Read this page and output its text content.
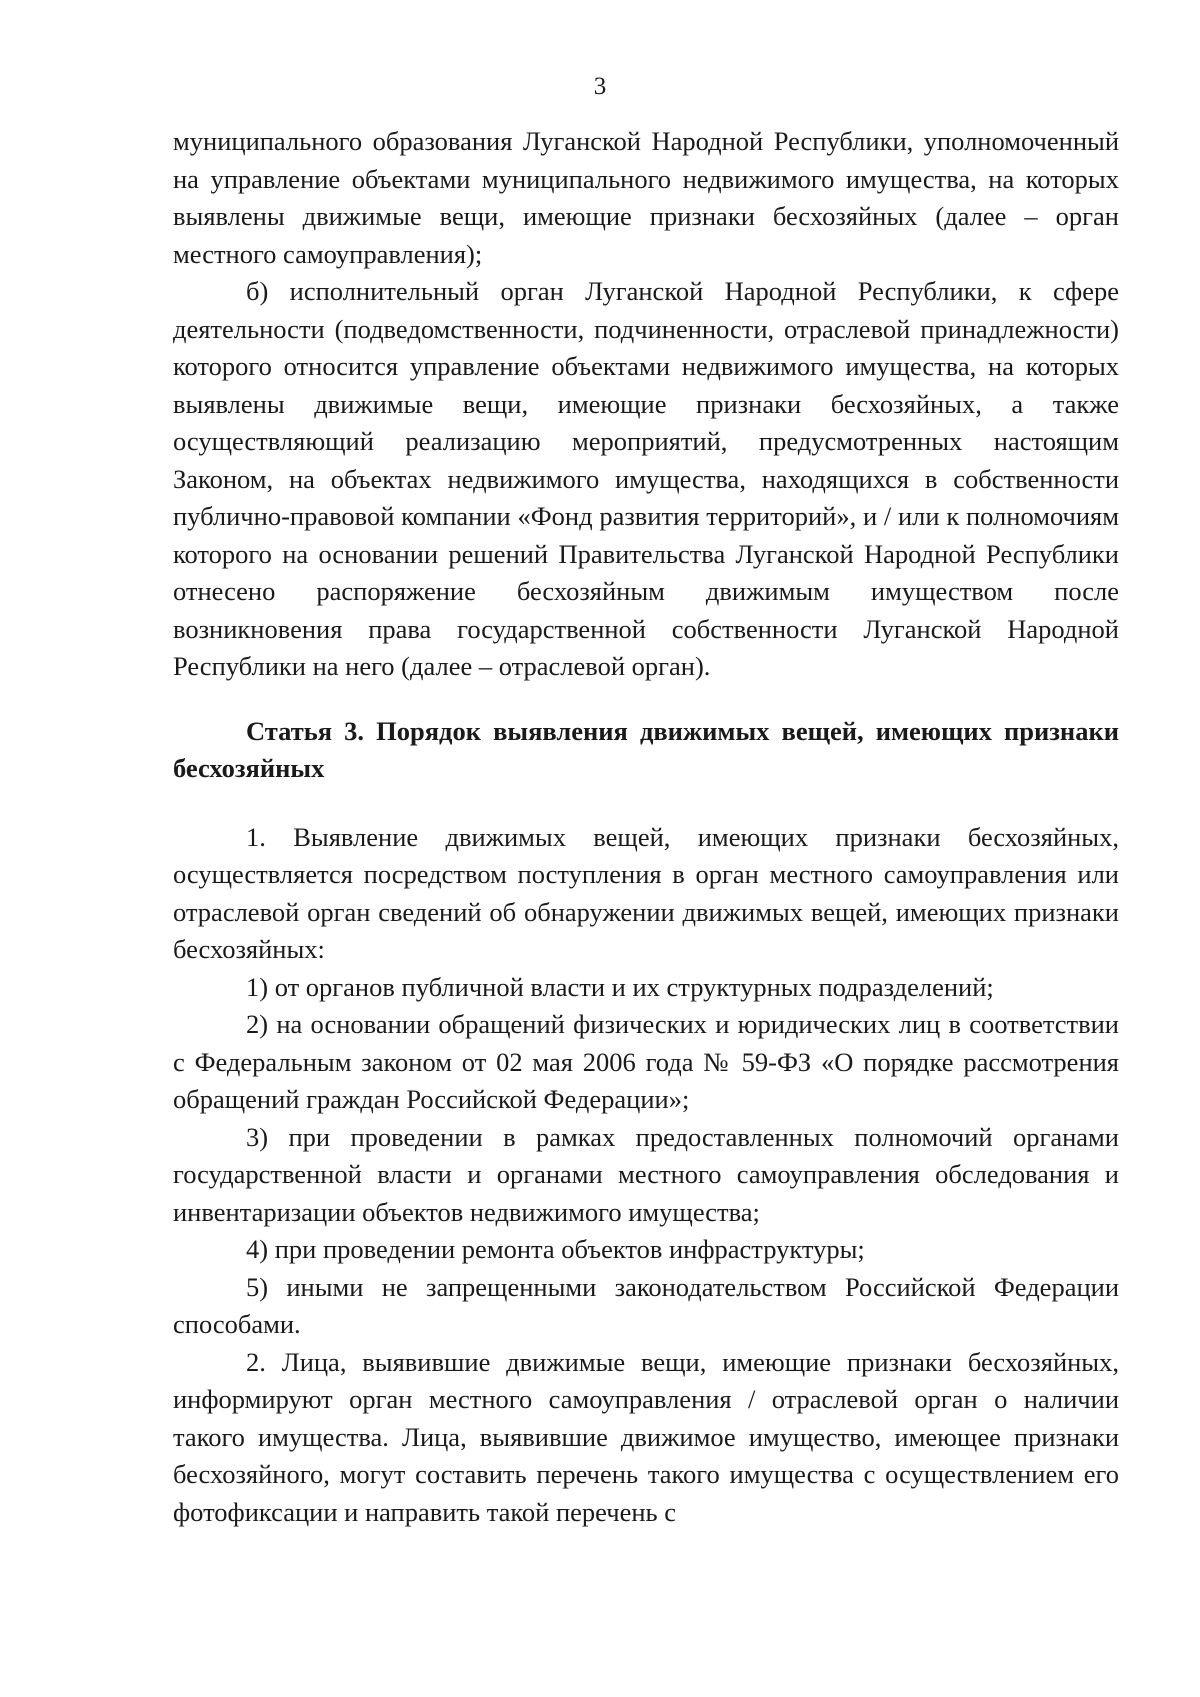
3

муниципального образования Луганской Народной Республики, уполномоченный на управление объектами муниципального недвижимого имущества, на которых выявлены движимые вещи, имеющие признаки бесхозяйных (далее – орган местного самоуправления);

б) исполнительный орган Луганской Народной Республики, к сфере деятельности (подведомственности, подчиненности, отраслевой принадлежности) которого относится управление объектами недвижимого имущества, на которых выявлены движимые вещи, имеющие признаки бесхозяйных, а также осуществляющий реализацию мероприятий, предусмотренных настоящим Законом, на объектах недвижимого имущества, находящихся в собственности публично-правовой компании «Фонд развития территорий», и / или к полномочиям которого на основании решений Правительства Луганской Народной Республики отнесено распоряжение бесхозяйным движимым имуществом после возникновения права государственной собственности Луганской Народной Республики на него (далее – отраслевой орган).

Статья 3. Порядок выявления движимых вещей, имеющих признаки бесхозяйных

1. Выявление движимых вещей, имеющих признаки бесхозяйных, осуществляется посредством поступления в орган местного самоуправления или отраслевой орган сведений об обнаружении движимых вещей, имеющих признаки бесхозяйных:

1) от органов публичной власти и их структурных подразделений;

2) на основании обращений физических и юридических лиц в соответствии с Федеральным законом от 02 мая 2006 года № 59-ФЗ «О порядке рассмотрения обращений граждан Российской Федерации»;

3) при проведении в рамках предоставленных полномочий органами государственной власти и органами местного самоуправления обследования и инвентаризации объектов недвижимого имущества;

4) при проведении ремонта объектов инфраструктуры;

5) иными не запрещенными законодательством Российской Федерации способами.

2. Лица, выявившие движимые вещи, имеющие признаки бесхозяйных, информируют орган местного самоуправления / отраслевой орган о наличии такого имущества. Лица, выявившие движимое имущество, имеющее признаки бесхозяйного, могут составить перечень такого имущества с осуществлением его фотофиксации и направить такой перечень с
